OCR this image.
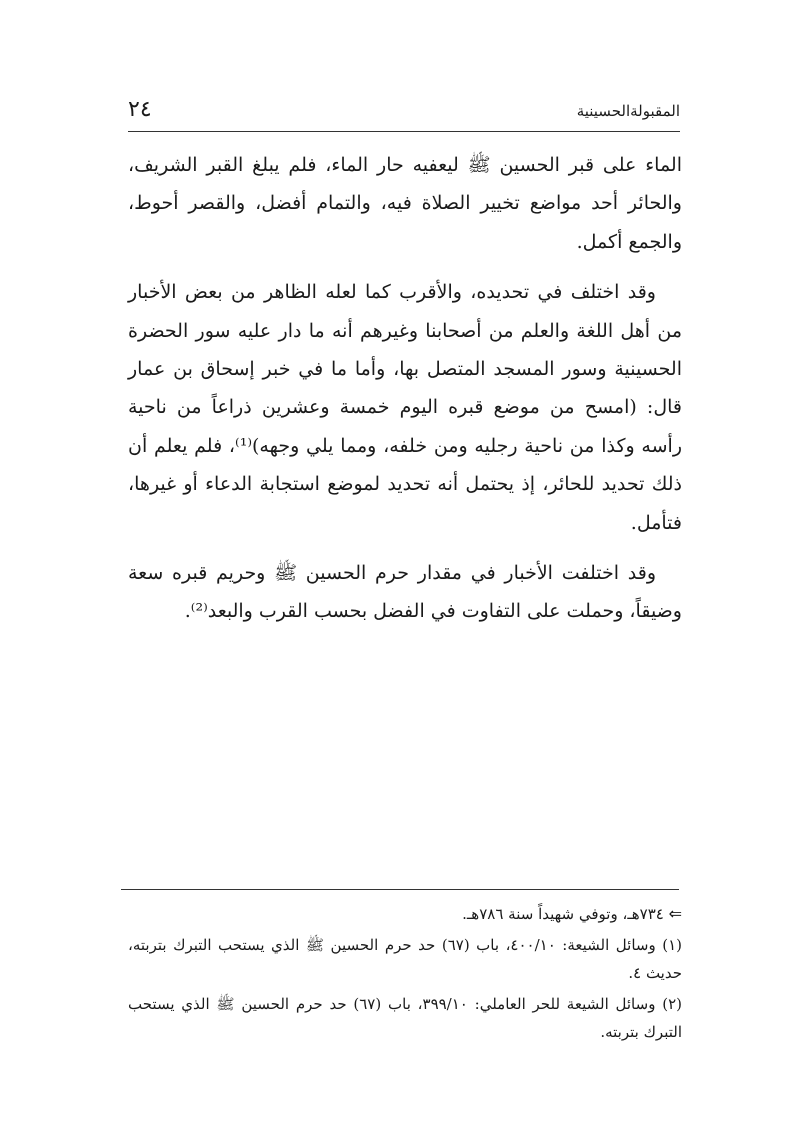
المقبولةالحسينية
٢٤

الماء على قبر الحسين ﷺ ليعفيه حار الماء، فلم يبلغ القبر الشريف، والحائر أحد مواضع تخيير الصلاة فيه، والتمام أفضل، والقصر أحوط، والجمع أكمل.

وقد اختلف في تحديده، والأقرب كما لعله الظاهر من بعض الأخبار من أهل اللغة والعلم من أصحابنا وغيرهم أنه ما دار عليه سور الحضرة الحسينية وسور المسجد المتصل بها، وأما ما في خبر إسحاق بن عمار قال: (امسح من موضع قبره اليوم خمسة وعشرين ذراعاً من ناحية رأسه وكذا من ناحية رجليه ومن خلفه، ومما يلي وجهه)⁽¹⁾، فلم يعلم أن ذلك تحديد للحائر، إذ يحتمل أنه تحديد لموضع استجابة الدعاء أو غيرها، فتأمل.

وقد اختلفت الأخبار في مقدار حرم الحسين ﷺ وحريم قبره سعة وضيقاً، وحملت على التفاوت في الفضل بحسب القرب والبعد⁽²⁾.

⇐ ٧٣٤هـ، وتوفي شهيداً سنة ٧٨٦هـ.

(١) وسائل الشيعة: ٤٠٠/١٠، باب (٦٧) حد حرم الحسين ﷺ الذي يستحب التبرك بتربته، حديث ٤.

(٢) وسائل الشيعة للحر العاملي: ٣٩٩/١٠، باب (٦٧) حد حرم الحسين ﷺ الذي يستحب التبرك بتربته.
